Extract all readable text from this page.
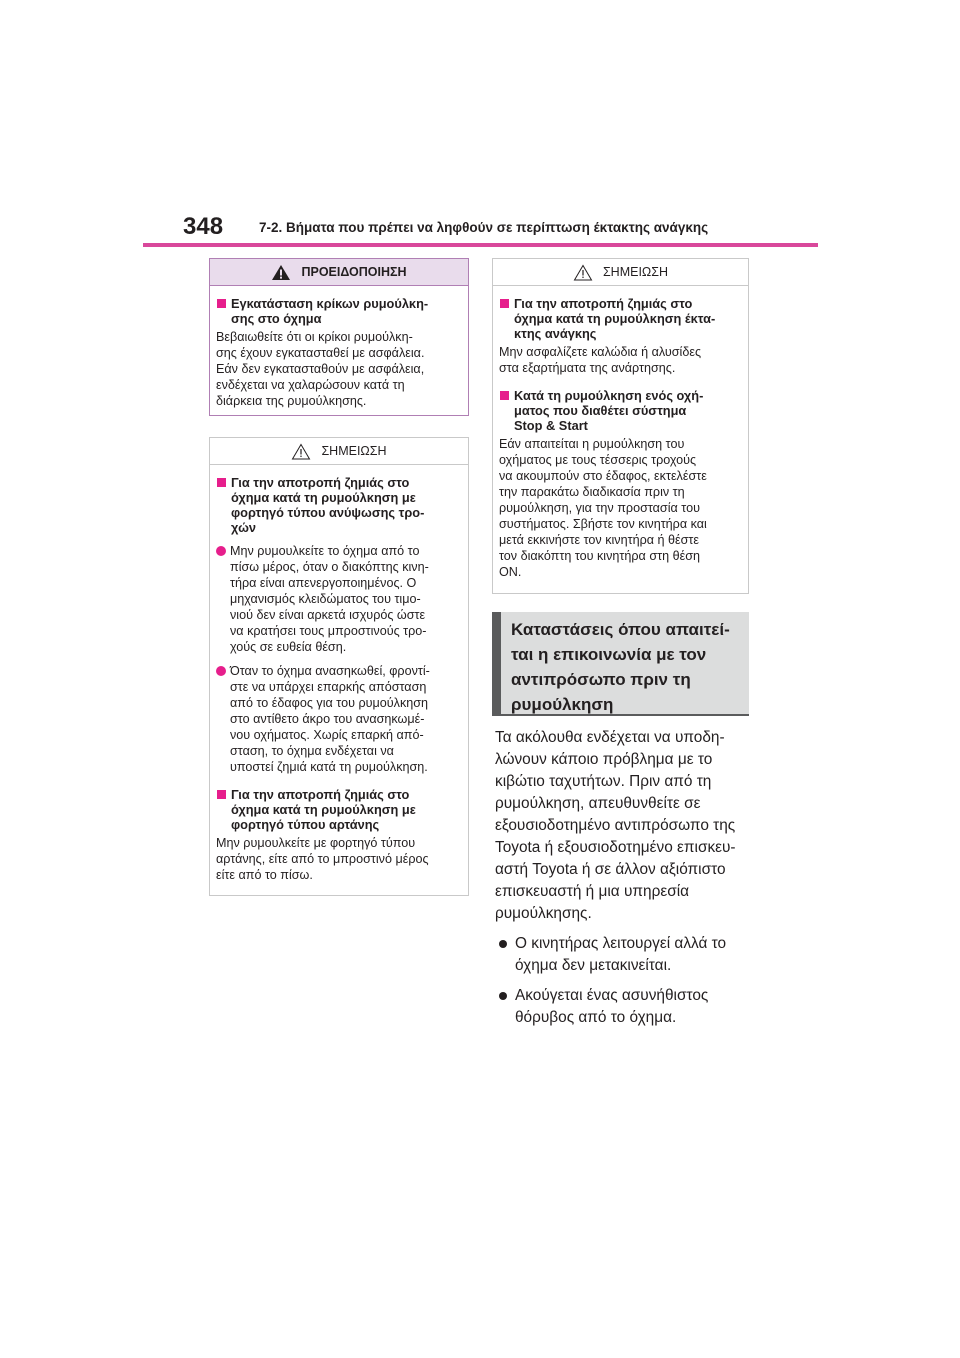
348	7-2. Βήματα που πρέπει να ληφθούν σε περίπτωση έκτακτης ανάγκης
ΠΡΟΕΙΔΟΠΟΙΗΣΗ
Εγκατάσταση κρίκων ρυμούλκη-
σης στο όχημα
Βεβαιωθείτε ότι οι κρίκοι ρυμούλκη-
σης έχουν εγκατασταθεί με ασφάλεια.
Εάν δεν εγκατασταθούν με ασφάλεια,
ενδέχεται να χαλαρώσουν κατά τη
διάρκεια της ρυμούλκησης.
ΣΗΜΕΙΩΣΗ
Για την αποτροπή ζημιάς στο
όχημα κατά τη ρυμούλκηση με
φορτηγό τύπου ανύψωσης τρο-
χών
Μην ρυμουλκείτε το όχημα από το
πίσω μέρος, όταν ο διακόπτης κινη-
τήρα είναι απενεργοποιημένος. Ο
μηχανισμός κλειδώματος του τιμο-
νιού δεν είναι αρκετά ισχυρός ώστε
να κρατήσει τους μπροστινούς τρο-
χούς σε ευθεία θέση.
Όταν το όχημα ανασηκωθεί, φροντί-
στε να υπάρχει επαρκής απόσταση
από το έδαφος για του ρυμούλκηση
στο αντίθετο άκρο του ανασηκωμέ-
νου οχήματος. Χωρίς επαρκή από-
σταση, το όχημα ενδέχεται να
υποστεί ζημιά κατά τη ρυμούλκηση.
Για την αποτροπή ζημιάς στο
όχημα κατά τη ρυμούλκηση με
φορτηγό τύπου αρτάνης
Μην ρυμουλκείτε με φορτηγό τύπου
αρτάνης, είτε από το μπροστινό μέρος
είτε από το πίσω.
ΣΗΜΕΙΩΣΗ
Για την αποτροπή ζημιάς στο
όχημα κατά τη ρυμούλκηση έκτα-
κτης ανάγκης
Μην ασφαλίζετε καλώδια ή αλυσίδες
στα εξαρτήματα της ανάρτησης.
Κατά τη ρυμούλκηση ενός οχή-
ματος που διαθέτει σύστημα
Stop & Start
Εάν απαιτείται η ρυμούλκηση του
οχήματος με τους τέσσερις τροχούς
να ακουμπούν στο έδαφος, εκτελέστε
την παρακάτω διαδικασία πριν τη
ρυμούλκηση, για την προστασία του
συστήματος. Σβήστε τον κινητήρα και
μετά εκκινήστε τον κινητήρα ή θέστε
τον διακόπτη του κινητήρα στη θέση
ON.
Καταστάσεις όπου απαιτεί-
ται η επικοινωνία με τον
αντιπρόσωπο πριν τη
ρυμούλκηση
Τα ακόλουθα ενδέχεται να υποδη-
λώνουν κάποιο πρόβλημα με το
κιβώτιο ταχυτήτων. Πριν από τη
ρυμούλκηση, απευθυνθείτε σε
εξουσιοδοτημένο αντιπρόσωπο της
Toyota ή εξουσιοδοτημένο επισκευ-
αστή Toyota ή σε άλλον αξιόπιστο
επισκευαστή ή μια υπηρεσία
ρυμούλκησης.
Ο κινητήρας λειτουργεί αλλά το
όχημα δεν μετακινείται.
Ακούγεται ένας ασυνήθιστος
θόρυβος από το όχημα.
